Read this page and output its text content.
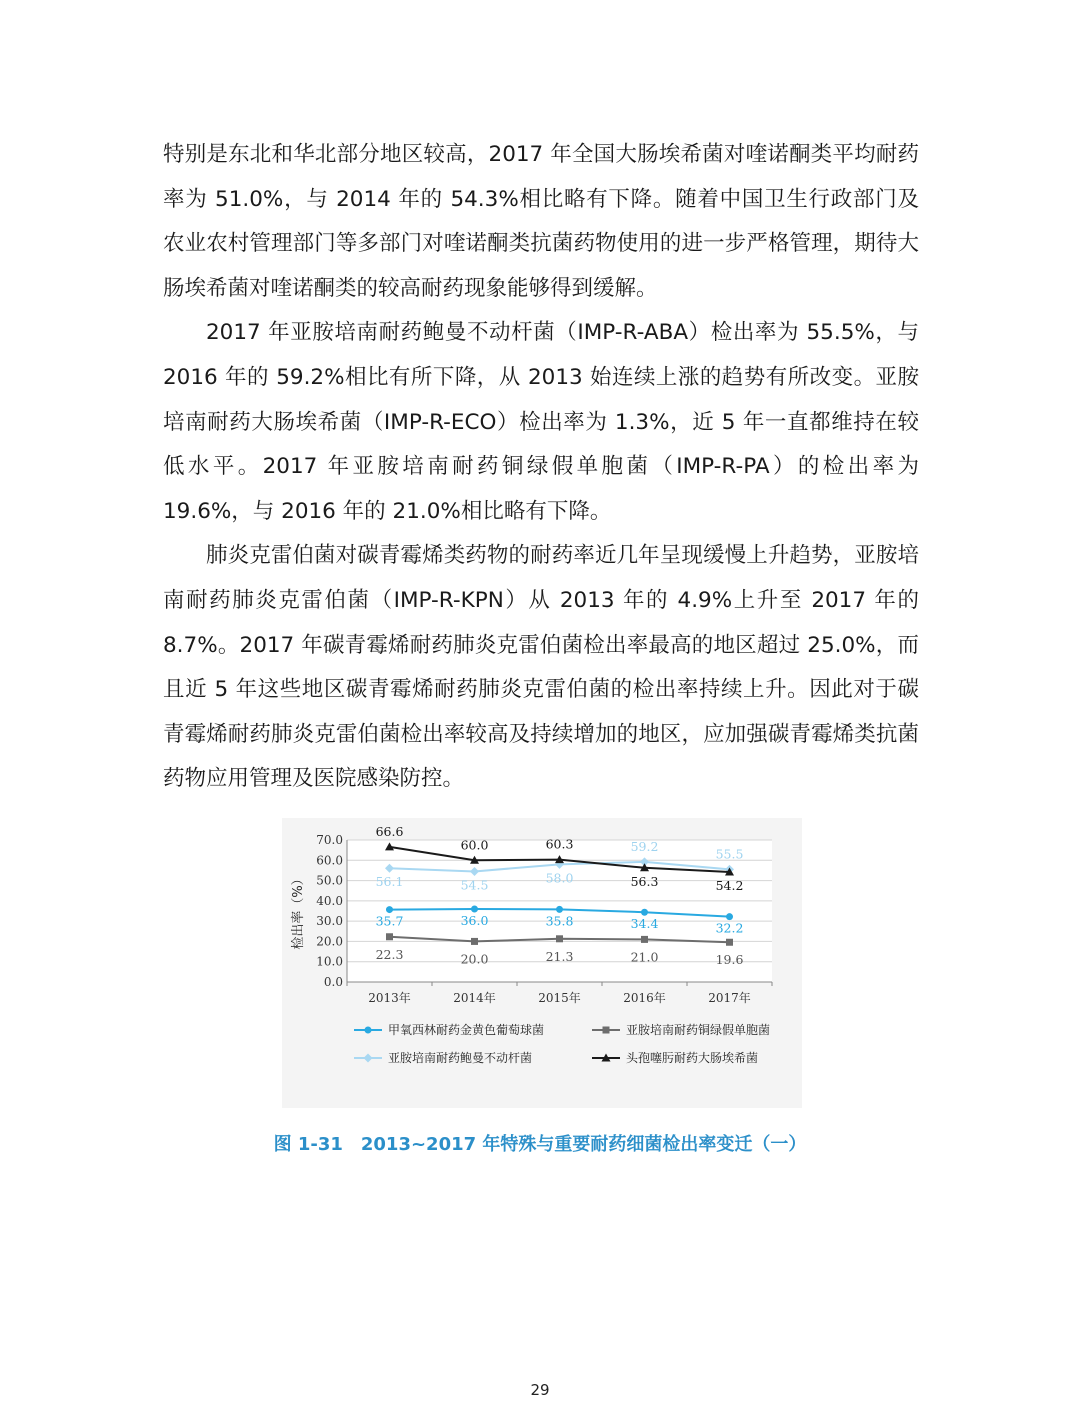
特别是东北和华北部分地区较高，2017 年全国大肠埃希菌对喹诺酮类平均耐药率为 51.0%，与 2014 年的 54.3%相比略有下降。随着中国卫生行政部门及农业农村管理部门等多部门对喹诺酮类抗菌药物使用的进一步严格管理，期待大肠埃希菌对喹诺酮类的较高耐药现象能够得到缓解。

2017 年亚胺培南耐药鲍曼不动杆菌（IMP-R-ABA）检出率为 55.5%，与 2016 年的 59.2%相比有所下降，从 2013 始连续上涨的趋势有所改变。亚胺培南耐药大肠埃希菌（IMP-R-ECO）检出率为 1.3%，近 5 年一直都维持在较低水平。2017 年亚胺培南耐药铜绿假单胞菌（IMP-R-PA）的检出率为 19.6%，与 2016 年的 21.0%相比略有下降。

肺炎克雷伯菌对碳青霉烯类药物的耐药率近几年呈现缓慢上升趋势，亚胺培南耐药肺炎克雷伯菌（IMP-R-KPN）从 2013 年的 4.9%上升至 2017 年的 8.7%。2017 年碳青霉烯耐药肺炎克雷伯菌检出率最高的地区超过 25.0%，而且近 5 年这些地区碳青霉烯耐药肺炎克雷伯菌的检出率持续上升。因此对于碳青霉烯耐药肺炎克雷伯菌检出率较高及持续增加的地区，应加强碳青霉烯类抗菌药物应用管理及医院感染防控。

0.0
10.0
20.0
30.0
40.0
50.0
60.0
70.0
2013年	2014年	2015年	2016年	2017年
检出率（%）	35.7	36.0	35.8	34.4	32.2
22.3	20.0	21.3	21.0	19.6
56.1	54.5	58.0
59.2
55.5
66.6
60.0	60.3
56.3	54.2
甲氧西林耐药金黄色葡萄球菌	亚胺培南耐药铜绿假单胞菌
亚胺培南耐药鲍曼不动杆菌	头孢噻肟耐药大肠埃希菌
图 1-31　2013~2017 年特殊与重要耐药细菌检出率变迁（一）
29
